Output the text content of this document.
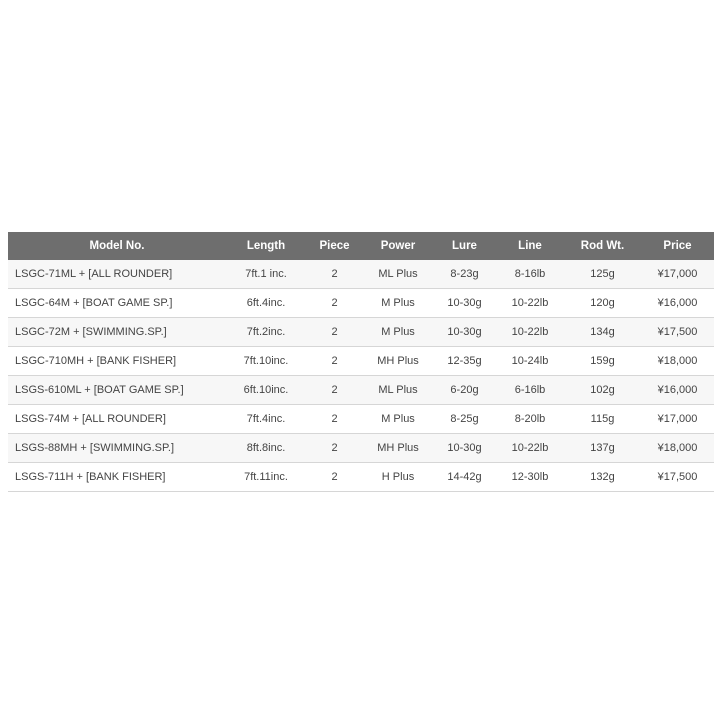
Model No.	Length	Piece	Power	Lure	Line	Rod Wt.	Price
LSGC-71ML + [ALL ROUNDER]	7ft.1 inc.	2	ML Plus	8-23g	8-16lb	125g	¥17,000
LSGC-64M + [BOAT GAME SP.]	6ft.4inc.	2	M Plus	10-30g	10-22lb	120g	¥16,000
LSGC-72M + [SWIMMING.SP.]	7ft.2inc.	2	M Plus	10-30g	10-22lb	134g	¥17,500
LSGC-710MH + [BANK FISHER]	7ft.10inc.	2	MH Plus	12-35g	10-24lb	159g	¥18,000
LSGS-610ML + [BOAT GAME SP.]	6ft.10inc.	2	ML Plus	6-20g	6-16lb	102g	¥16,000
LSGS-74M + [ALL ROUNDER]	7ft.4inc.	2	M Plus	8-25g	8-20lb	115g	¥17,000
LSGS-88MH + [SWIMMING.SP.]	8ft.8inc.	2	MH Plus	10-30g	10-22lb	137g	¥18,000
LSGS-711H + [BANK FISHER]	7ft.11inc.	2	H Plus	14-42g	12-30lb	132g	¥17,500
